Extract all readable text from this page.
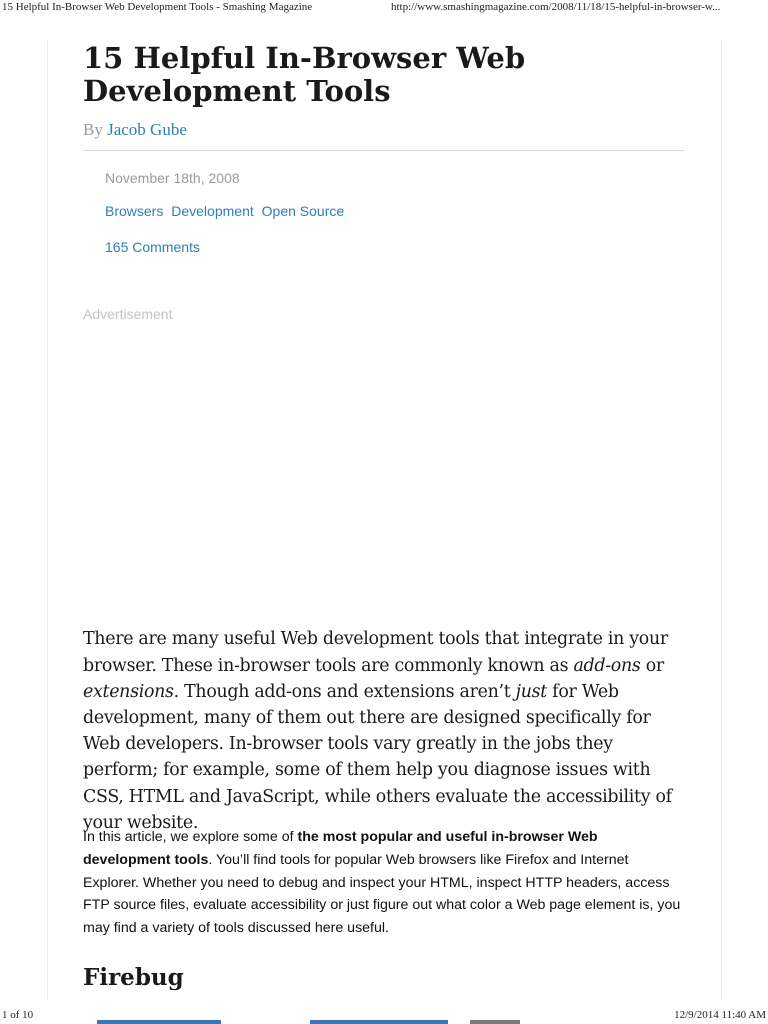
15 Helpful In-Browser Web Development Tools - Smashing Magazine	http://www.smashingmagazine.com/2008/11/18/15-helpful-in-browser-w...
15 Helpful In-Browser Web Development Tools
By Jacob Gube
November 18th, 2008
Browsers Development Open Source
165 Comments
Advertisement

There are many useful Web development tools that integrate in your browser. These in-browser tools are commonly known as add-ons or extensions. Though add-ons and extensions aren’t just for Web development, many of them out there are designed specifically for Web developers. In-browser tools vary greatly in the jobs they perform; for example, some of them help you diagnose issues with CSS, HTML and JavaScript, while others evaluate the accessibility of your website.

In this article, we explore some of the most popular and useful in-browser Web development tools. You’ll find tools for popular Web browsers like Firefox and Internet Explorer. Whether you need to debug and inspect your HTML, inspect HTTP headers, access FTP source files, evaluate accessibility or just figure out what color a Web page element is, you may find a variety of tools discussed here useful.

Firebug
1 of 10	12/9/2014 11:40 AM
